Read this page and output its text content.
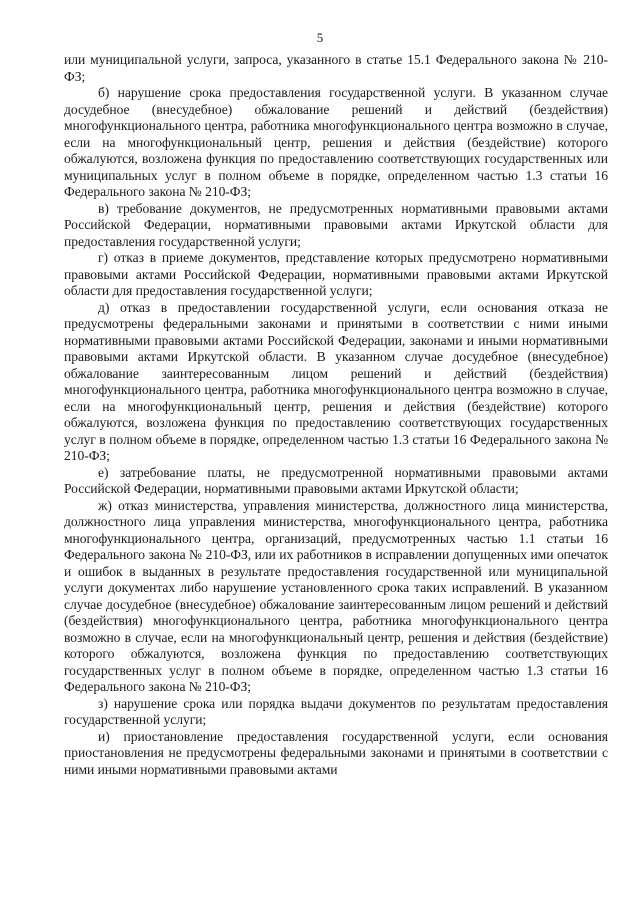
5

или муниципальной услуги, запроса, указанного в статье 15.1 Федерального закона № 210-ФЗ;

б) нарушение срока предоставления государственной услуги. В указанном случае досудебное (внесудебное) обжалование решений и действий (бездействия) многофункционального центра, работника многофункционального центра возможно в случае, если на многофункциональный центр, решения и действия (бездействие) которого обжалуются, возложена функция по предоставлению соответствующих государственных или муниципальных услуг в полном объеме в порядке, определенном частью 1.3 статьи 16 Федерального закона № 210-ФЗ;

в) требование документов, не предусмотренных нормативными правовыми актами Российской Федерации, нормативными правовыми актами Иркутской области для предоставления государственной услуги;

г) отказ в приеме документов, представление которых предусмотрено нормативными правовыми актами Российской Федерации, нормативными правовыми актами Иркутской области для предоставления государственной услуги;

д) отказ в предоставлении государственной услуги, если основания отказа не предусмотрены федеральными законами и принятыми в соответствии с ними иными нормативными правовыми актами Российской Федерации, законами и иными нормативными правовыми актами Иркутской области. В указанном случае досудебное (внесудебное) обжалование заинтересованным лицом решений и действий (бездействия) многофункционального центра, работника многофункционального центра возможно в случае, если на многофункциональный центр, решения и действия (бездействие) которого обжалуются, возложена функция по предоставлению соответствующих государственных услуг в полном объеме в порядке, определенном частью 1.3 статьи 16 Федерального закона № 210-ФЗ;

е) затребование платы, не предусмотренной нормативными правовыми актами Российской Федерации, нормативными правовыми актами Иркутской области;

ж) отказ министерства, управления министерства, должностного лица министерства, должностного лица управления министерства, многофункционального центра, работника многофункционального центра, организаций, предусмотренных частью 1.1 статьи 16 Федерального закона № 210-ФЗ, или их работников в исправлении допущенных ими опечаток и ошибок в выданных в результате предоставления государственной или муниципальной услуги документах либо нарушение установленного срока таких исправлений. В указанном случае досудебное (внесудебное) обжалование заинтересованным лицом решений и действий (бездействия) многофункционального центра, работника многофункционального центра возможно в случае, если на многофункциональный центр, решения и действия (бездействие) которого обжалуются, возложена функция по предоставлению соответствующих государственных услуг в полном объеме в порядке, определенном частью 1.3 статьи 16 Федерального закона № 210-ФЗ;

з) нарушение срока или порядка выдачи документов по результатам предоставления государственной услуги;

и) приостановление предоставления государственной услуги, если основания приостановления не предусмотрены федеральными законами и принятыми в соответствии с ними иными нормативными правовыми актами
